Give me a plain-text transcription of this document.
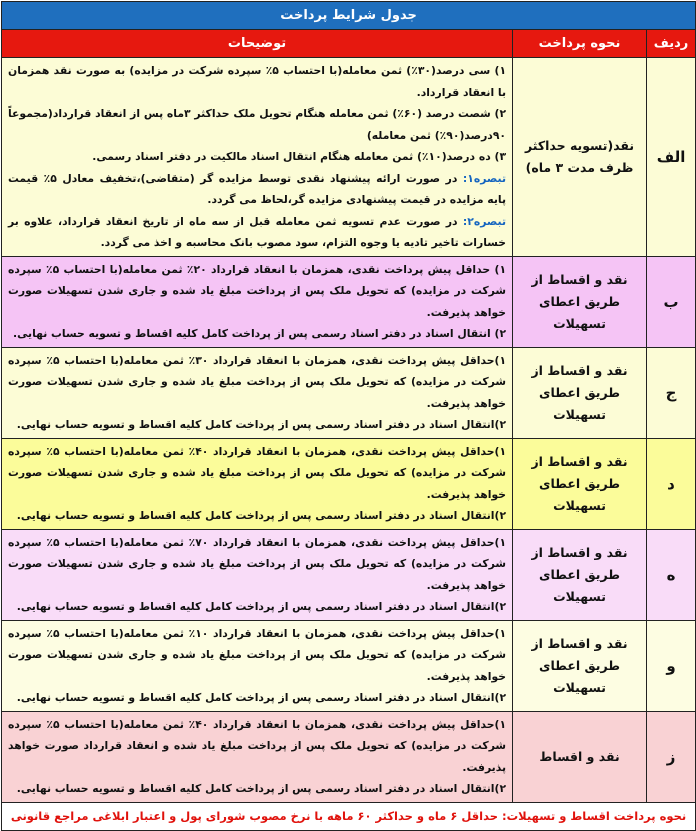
جدول شرایط پرداخت		
ردیف	نحوه پرداخت	توضیحات
الف	نقد(تسویه حداکثر ظرف مدت ۳ ماه)	۱) سی درصد(۳۰٪) ثمن معامله(با احتساب ۵٪ سپرده شرکت در مزایده) به صورت نقد همزمان با انعقاد قرارداد.

۲) شصت درصد (۶۰٪) ثمن معامله هنگام تحویل ملک حداکثر ۳ماه پس از انعقاد قرارداد(مجموعاً ۹۰درصد(۹۰٪) ثمن معامله)

۳) ده درصد(۱۰٪) ثمن معامله هنگام انتقال اسناد مالکیت در دفتر اسناد رسمی.

تبصره۱: در صورت ارائه پیشنهاد نقدی توسط مزایده گر (متقاضی)،تخفیف معادل ۵٪ قیمت پایه مزایده در قیمت پیشنهادی مزایده گر،لحاظ می گردد.

تبصره۲: در صورت عدم تسویه ثمن معامله قبل از سه ماه از تاریخ انعقاد قرارداد، علاوه بر خسارات تاخیر تادیه یا وجوه التزام، سود مصوب بانک محاسبه و اخذ می گردد.

ب	نقد و اقساط از طریق اعطای تسهیلات	۱) حداقل پیش پرداخت نقدی، همزمان با انعقاد قرارداد ۲۰٪ ثمن معامله(با احتساب ۵٪ سپرده شرکت در مزایده) که تحویل ملک پس از پرداخت مبلغ یاد شده و جاری شدن تسهیلات صورت خواهد پذیرفت.

۲) انتقال اسناد در دفتر اسناد رسمی پس از پرداخت کامل کلیه اقساط و تسویه حساب نهایی.

ج	نقد و اقساط از طریق اعطای تسهیلات	۱)حداقل پیش پرداخت نقدی، همزمان با انعقاد قرارداد ۳۰٪ ثمن معامله(با احتساب ۵٪ سپرده شرکت در مزایده) که تحویل ملک پس از پرداخت مبلغ یاد شده و جاری شدن تسهیلات صورت خواهد پذیرفت.

۲)انتقال اسناد در دفتر اسناد رسمی پس از پرداخت کامل کلیه اقساط و تسویه حساب نهایی.

د	نقد و اقساط از طریق اعطای تسهیلات	۱)حداقل پیش پرداخت نقدی، همزمان با انعقاد قرارداد ۴۰٪ ثمن معامله(با احتساب ۵٪ سپرده شرکت در مزایده) که تحویل ملک پس از پرداخت مبلغ یاد شده و جاری شدن تسهیلات صورت خواهد پذیرفت.

۲)انتقال اسناد در دفتر اسناد رسمی پس از پرداخت کامل کلیه اقساط و تسویه حساب نهایی.

ه	نقد و اقساط از طریق اعطای تسهیلات	۱)حداقل پیش پرداخت نقدی، همزمان با انعقاد قرارداد ۷۰٪ ثمن معامله(با احتساب ۵٪ سپرده شرکت در مزایده) که تحویل ملک پس از پرداخت مبلغ یاد شده و جاری شدن تسهیلات صورت خواهد پذیرفت.

۲)انتقال اسناد در دفتر اسناد رسمی پس از پرداخت کامل کلیه اقساط و تسویه حساب نهایی.

و	نقد و اقساط از طریق اعطای تسهیلات	۱)حداقل پیش پرداخت نقدی، همزمان با انعقاد قرارداد ۱۰٪ ثمن معامله(با احتساب ۵٪ سپرده شرکت در مزایده) که تحویل ملک پس از پرداخت مبلغ یاد شده و جاری شدن تسهیلات صورت خواهد پذیرفت.

۲)انتقال اسناد در دفتر اسناد رسمی پس از پرداخت کامل کلیه اقساط و تسویه حساب نهایی.

ز	نقد و اقساط	۱)حداقل پیش پرداخت نقدی، همزمان با انعقاد قرارداد ۴۰٪ ثمن معامله(با احتساب ۵٪ سپرده شرکت در مزایده) که تحویل ملک پس از پرداخت مبلغ یاد شده و انعقاد قرارداد صورت خواهد پذیرفت.

۲)انتقال اسناد در دفتر اسناد رسمی پس از پرداخت کامل کلیه اقساط و تسویه حساب نهایی.

نحوه پرداخت اقساط و تسهیلات: حداقل ۶ ماه و حداکثر ۶۰ ماهه با نرخ مصوب شورای پول و اعتبار ابلاغی مراجع قانونی		
